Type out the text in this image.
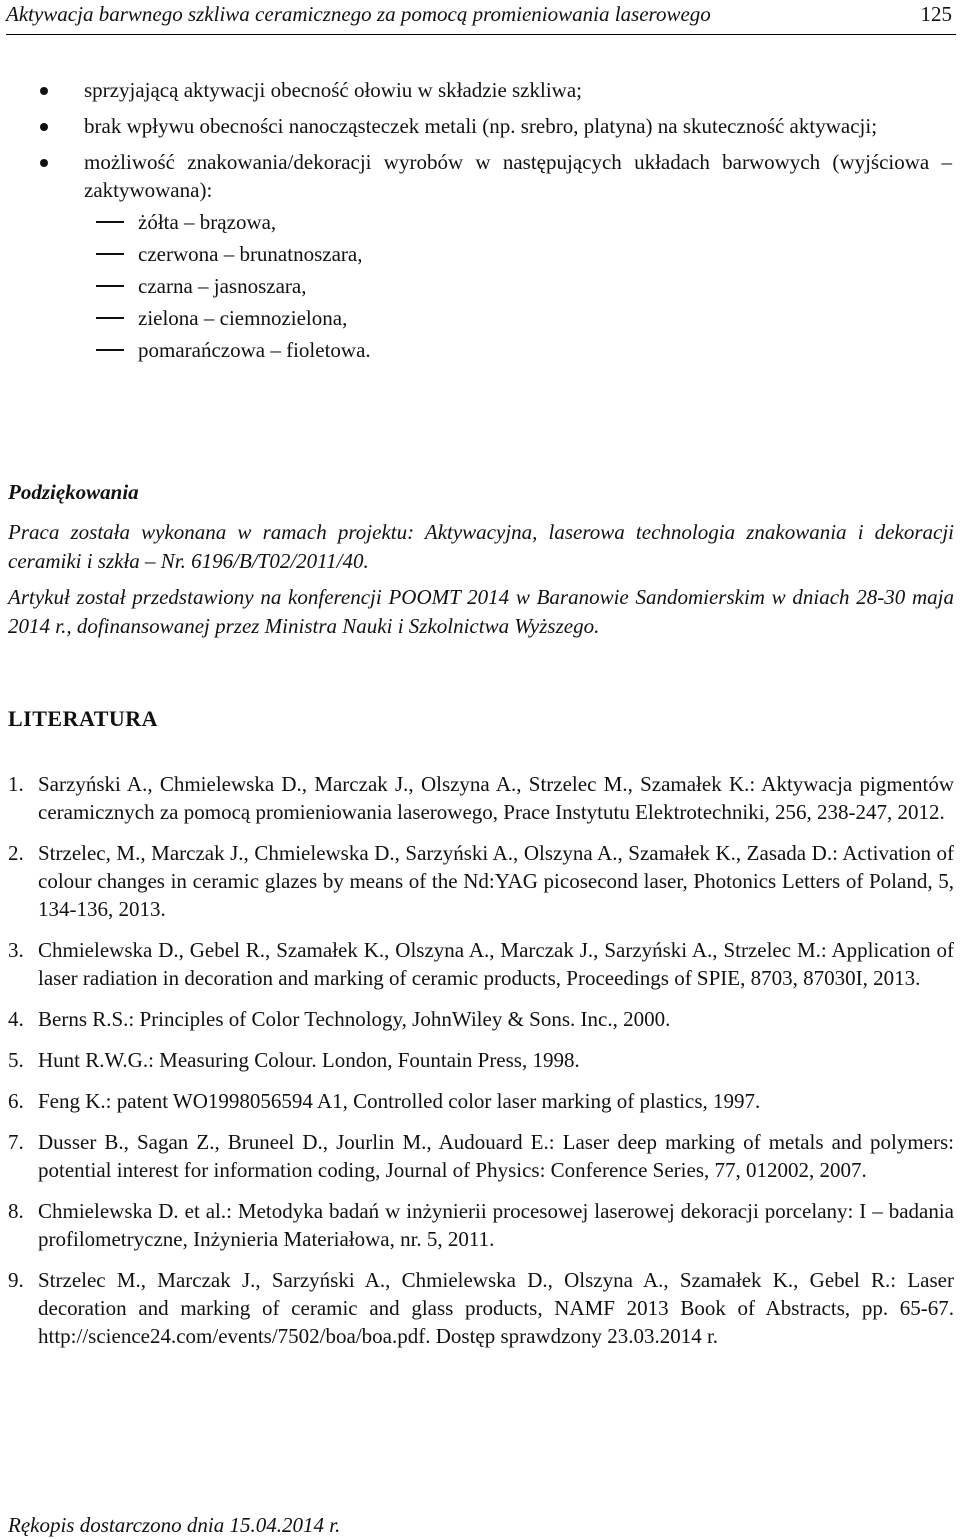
Aktywacja barwnego szkliwa ceramicznego za pomocą promieniowania laserowego	125
sprzyjającą aktywacji obecność ołowiu w składzie szkliwa;
brak wpływu obecności nanocząsteczek metali (np. srebro, platyna) na skuteczność aktywacji;
możliwość znakowania/dekoracji wyrobów w następujących układach barwowych (wyjściowa – zaktywowana):
żółta – brązowa,
czerwona – brunatnoszara,
czarna – jasnoszara,
zielona – ciemnozielona,
pomarańczowa – fioletowa.
Podziękowania
Praca została wykonana w ramach projektu: Aktywacyjna, laserowa technologia znakowania i dekoracji ceramiki i szkła – Nr. 6196/B/T02/2011/40.
Artykuł został przedstawiony na konferencji POOMT 2014 w Baranowie Sandomierskim w dniach 28-30 maja 2014 r., dofinansowanej przez Ministra Nauki i Szkolnictwa Wyższego.
LITERATURA
1. Sarzyński A., Chmielewska D., Marczak J., Olszyna A., Strzelec M., Szamałek K.: Aktywacja pigmentów ceramicznych za pomocą promieniowania laserowego, Prace Instytutu Elektrotechniki, 256, 238-247, 2012.
2. Strzelec, M., Marczak J., Chmielewska D., Sarzyński A., Olszyna A., Szamałek K., Zasada D.: Activation of colour changes in ceramic glazes by means of the Nd:YAG picosecond laser, Photonics Letters of Poland, 5, 134-136, 2013.
3. Chmielewska D., Gebel R., Szamałek K., Olszyna A., Marczak J., Sarzyński A., Strzelec M.: Application of laser radiation in decoration and marking of ceramic products, Proceedings of SPIE, 8703, 87030I, 2013.
4. Berns R.S.: Principles of Color Technology, JohnWiley & Sons. Inc., 2000.
5. Hunt R.W.G.: Measuring Colour. London, Fountain Press, 1998.
6. Feng K.: patent WO1998056594 A1, Controlled color laser marking of plastics, 1997.
7. Dusser B., Sagan Z., Bruneel D., Jourlin M., Audouard E.: Laser deep marking of metals and polymers: potential interest for information coding, Journal of Physics: Conference Series, 77, 012002, 2007.
8. Chmielewska D. et al.: Metodyka badań w inżynierii procesowej laserowej dekoracji porcelany: I – badania profilometryczne, Inżynieria Materiałowa, nr. 5, 2011.
9. Strzelec M., Marczak J., Sarzyński A., Chmielewska D., Olszyna A., Szamałek K., Gebel R.: Laser decoration and marking of ceramic and glass products, NAMF 2013 Book of Abstracts, pp. 65-67. http://science24.com/events/7502/boa/boa.pdf. Dostęp sprawdzony 23.03.2014 r.
Rękopis dostarczono dnia 15.04.2014 r.
